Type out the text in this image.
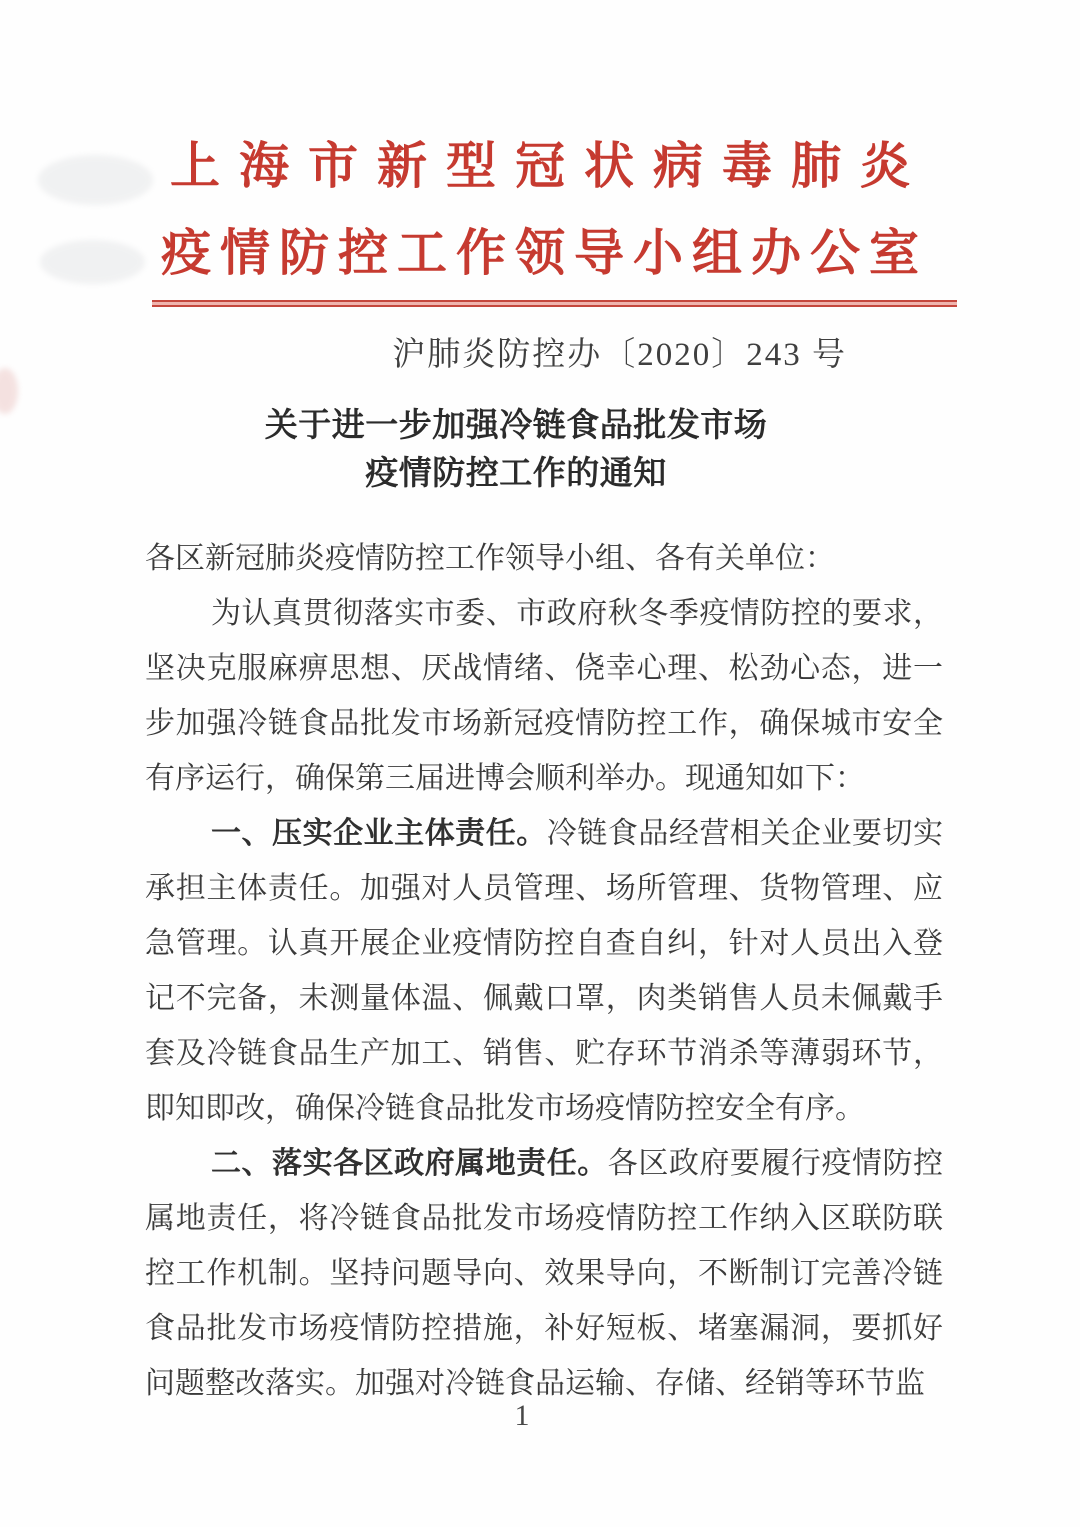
上海市新型冠状病毒肺炎
疫情防控工作领导小组办公室
沪肺炎防控办〔2020〕243 号
关于进一步加强冷链食品批发市场
疫情防控工作的通知

各区新冠肺炎疫情防控工作领导小组、各有关单位：

为认真贯彻落实市委、市政府秋冬季疫情防控的要求，坚决克服麻痹思想、厌战情绪、侥幸心理、松劲心态，进一步加强冷链食品批发市场新冠疫情防控工作，确保城市安全有序运行，确保第三届进博会顺利举办。现通知如下：

一、压实企业主体责任。冷链食品经营相关企业要切实承担主体责任。加强对人员管理、场所管理、货物管理、应急管理。认真开展企业疫情防控自查自纠，针对人员出入登记不完备，未测量体温、佩戴口罩，肉类销售人员未佩戴手套及冷链食品生产加工、销售、贮存环节消杀等薄弱环节，即知即改，确保冷链食品批发市场疫情防控安全有序。

二、落实各区政府属地责任。各区政府要履行疫情防控属地责任，将冷链食品批发市场疫情防控工作纳入区联防联控工作机制。坚持问题导向、效果导向，不断制订完善冷链食品批发市场疫情防控措施，补好短板、堵塞漏洞，要抓好问题整改落实。加强对冷链食品运输、存储、经销等环节监

1
